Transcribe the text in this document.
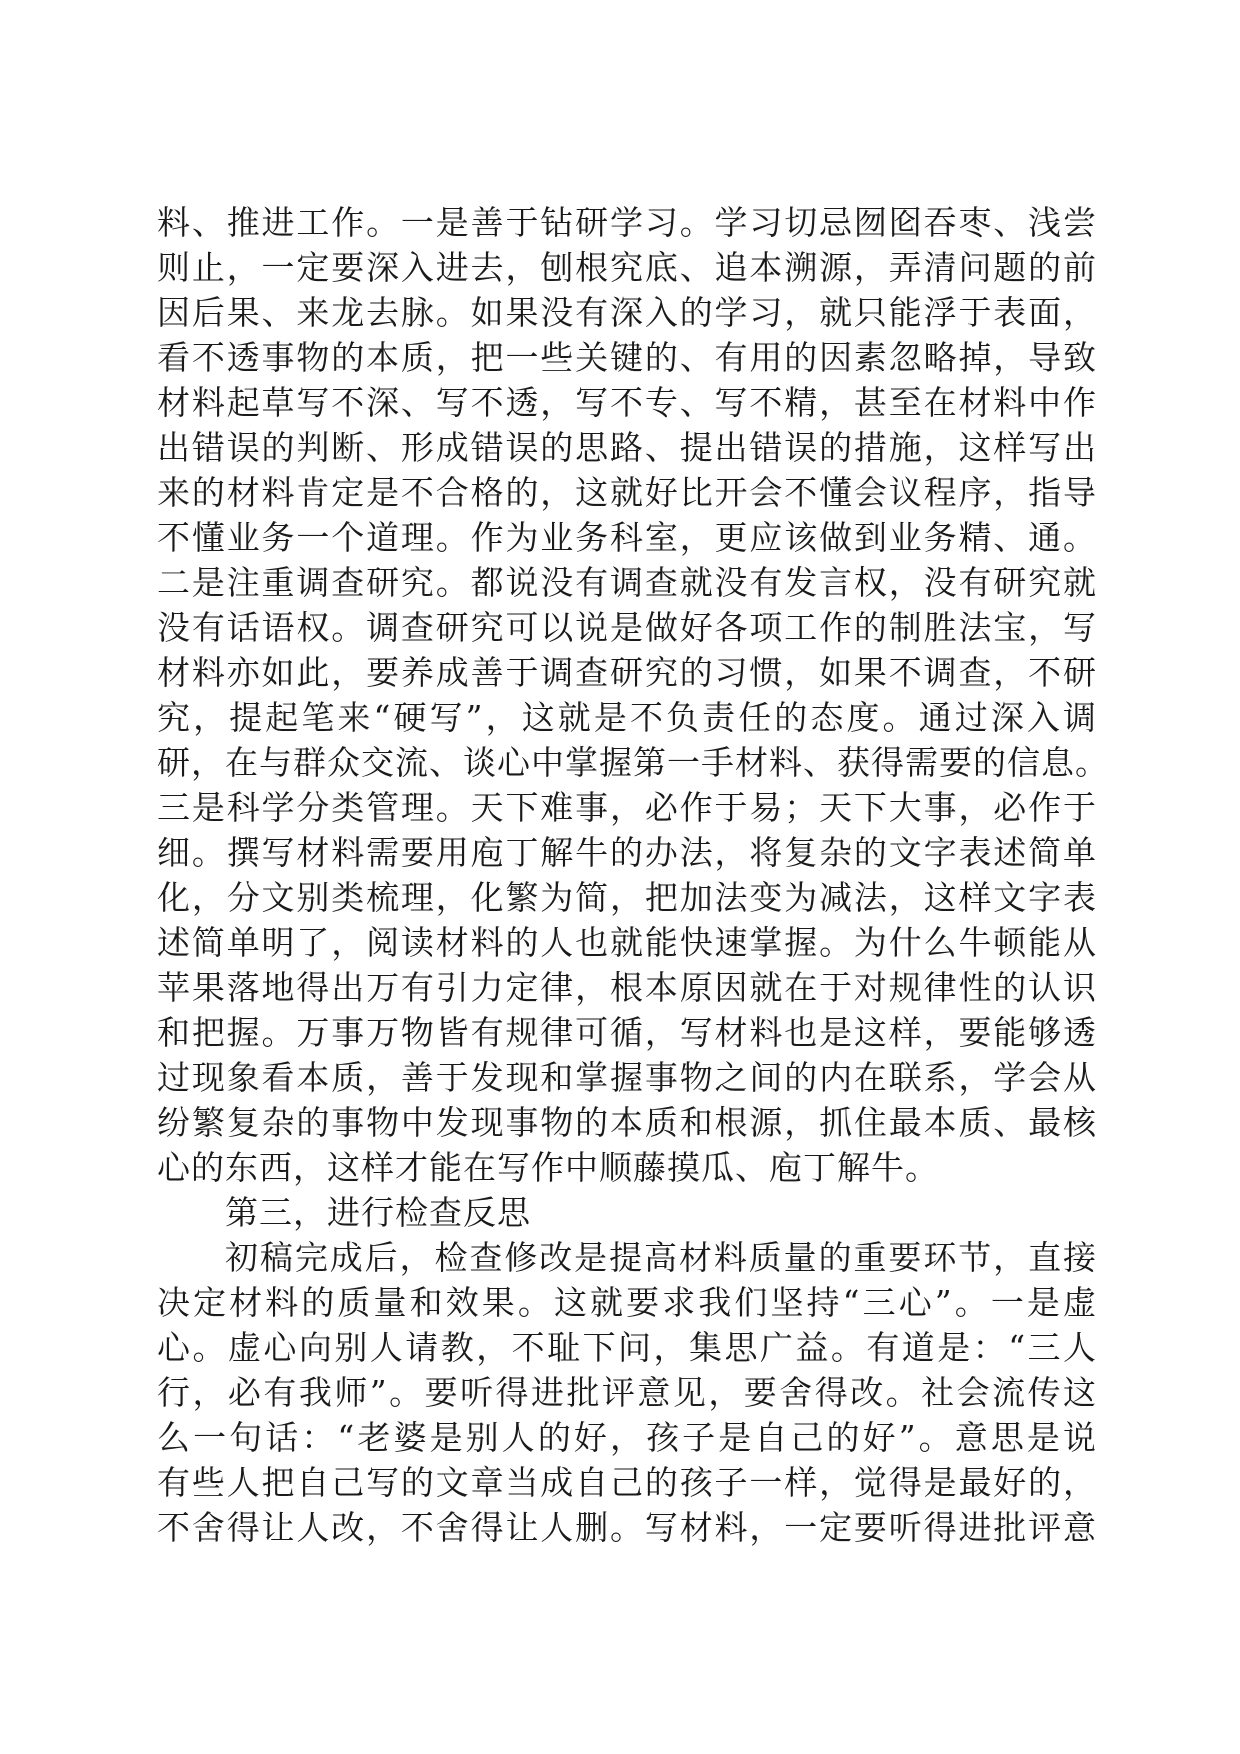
料、推进工作。一是善于钻研学习。学习切忌囫囵吞枣、浅尝
则止，一定要深入进去，刨根究底、追本溯源，弄清问题的前
因后果、来龙去脉。如果没有深入的学习，就只能浮于表面，
看不透事物的本质，把一些关键的、有用的因素忽略掉，导致
材料起草写不深、写不透，写不专、写不精，甚至在材料中作
出错误的判断、形成错误的思路、提出错误的措施，这样写出
来的材料肯定是不合格的，这就好比开会不懂会议程序，指导
不懂业务一个道理。作为业务科室，更应该做到业务精、通。
二是注重调查研究。都说没有调查就没有发言权，没有研究就
没有话语权。调查研究可以说是做好各项工作的制胜法宝，写
材料亦如此，要养成善于调查研究的习惯，如果不调查，不研
究，提起笔来“硬写”，这就是不负责任的态度。通过深入调
研，在与群众交流、谈心中掌握第一手材料、获得需要的信息。
三是科学分类管理。天下难事，必作于易；天下大事，必作于
细。撰写材料需要用庖丁解牛的办法，将复杂的文字表述简单
化，分文别类梳理，化繁为简，把加法变为减法，这样文字表
述简单明了，阅读材料的人也就能快速掌握。为什么牛顿能从
苹果落地得出万有引力定律，根本原因就在于对规律性的认识
和把握。万事万物皆有规律可循，写材料也是这样，要能够透
过现象看本质，善于发现和掌握事物之间的内在联系，学会从
纷繁复杂的事物中发现事物的本质和根源，抓住最本质、最核
心的东西，这样才能在写作中顺藤摸瓜、庖丁解牛。
第三，进行检查反思
初稿完成后，检查修改是提高材料质量的重要环节，直接
决定材料的质量和效果。这就要求我们坚持“三心”。一是虚
心。虚心向别人请教，不耻下问，集思广益。有道是：“三人
行，必有我师”。要听得进批评意见，要舍得改。社会流传这
么一句话：“老婆是别人的好，孩子是自己的好”。意思是说
有些人把自己写的文章当成自己的孩子一样，觉得是最好的，
不舍得让人改，不舍得让人删。写材料，一定要听得进批评意
